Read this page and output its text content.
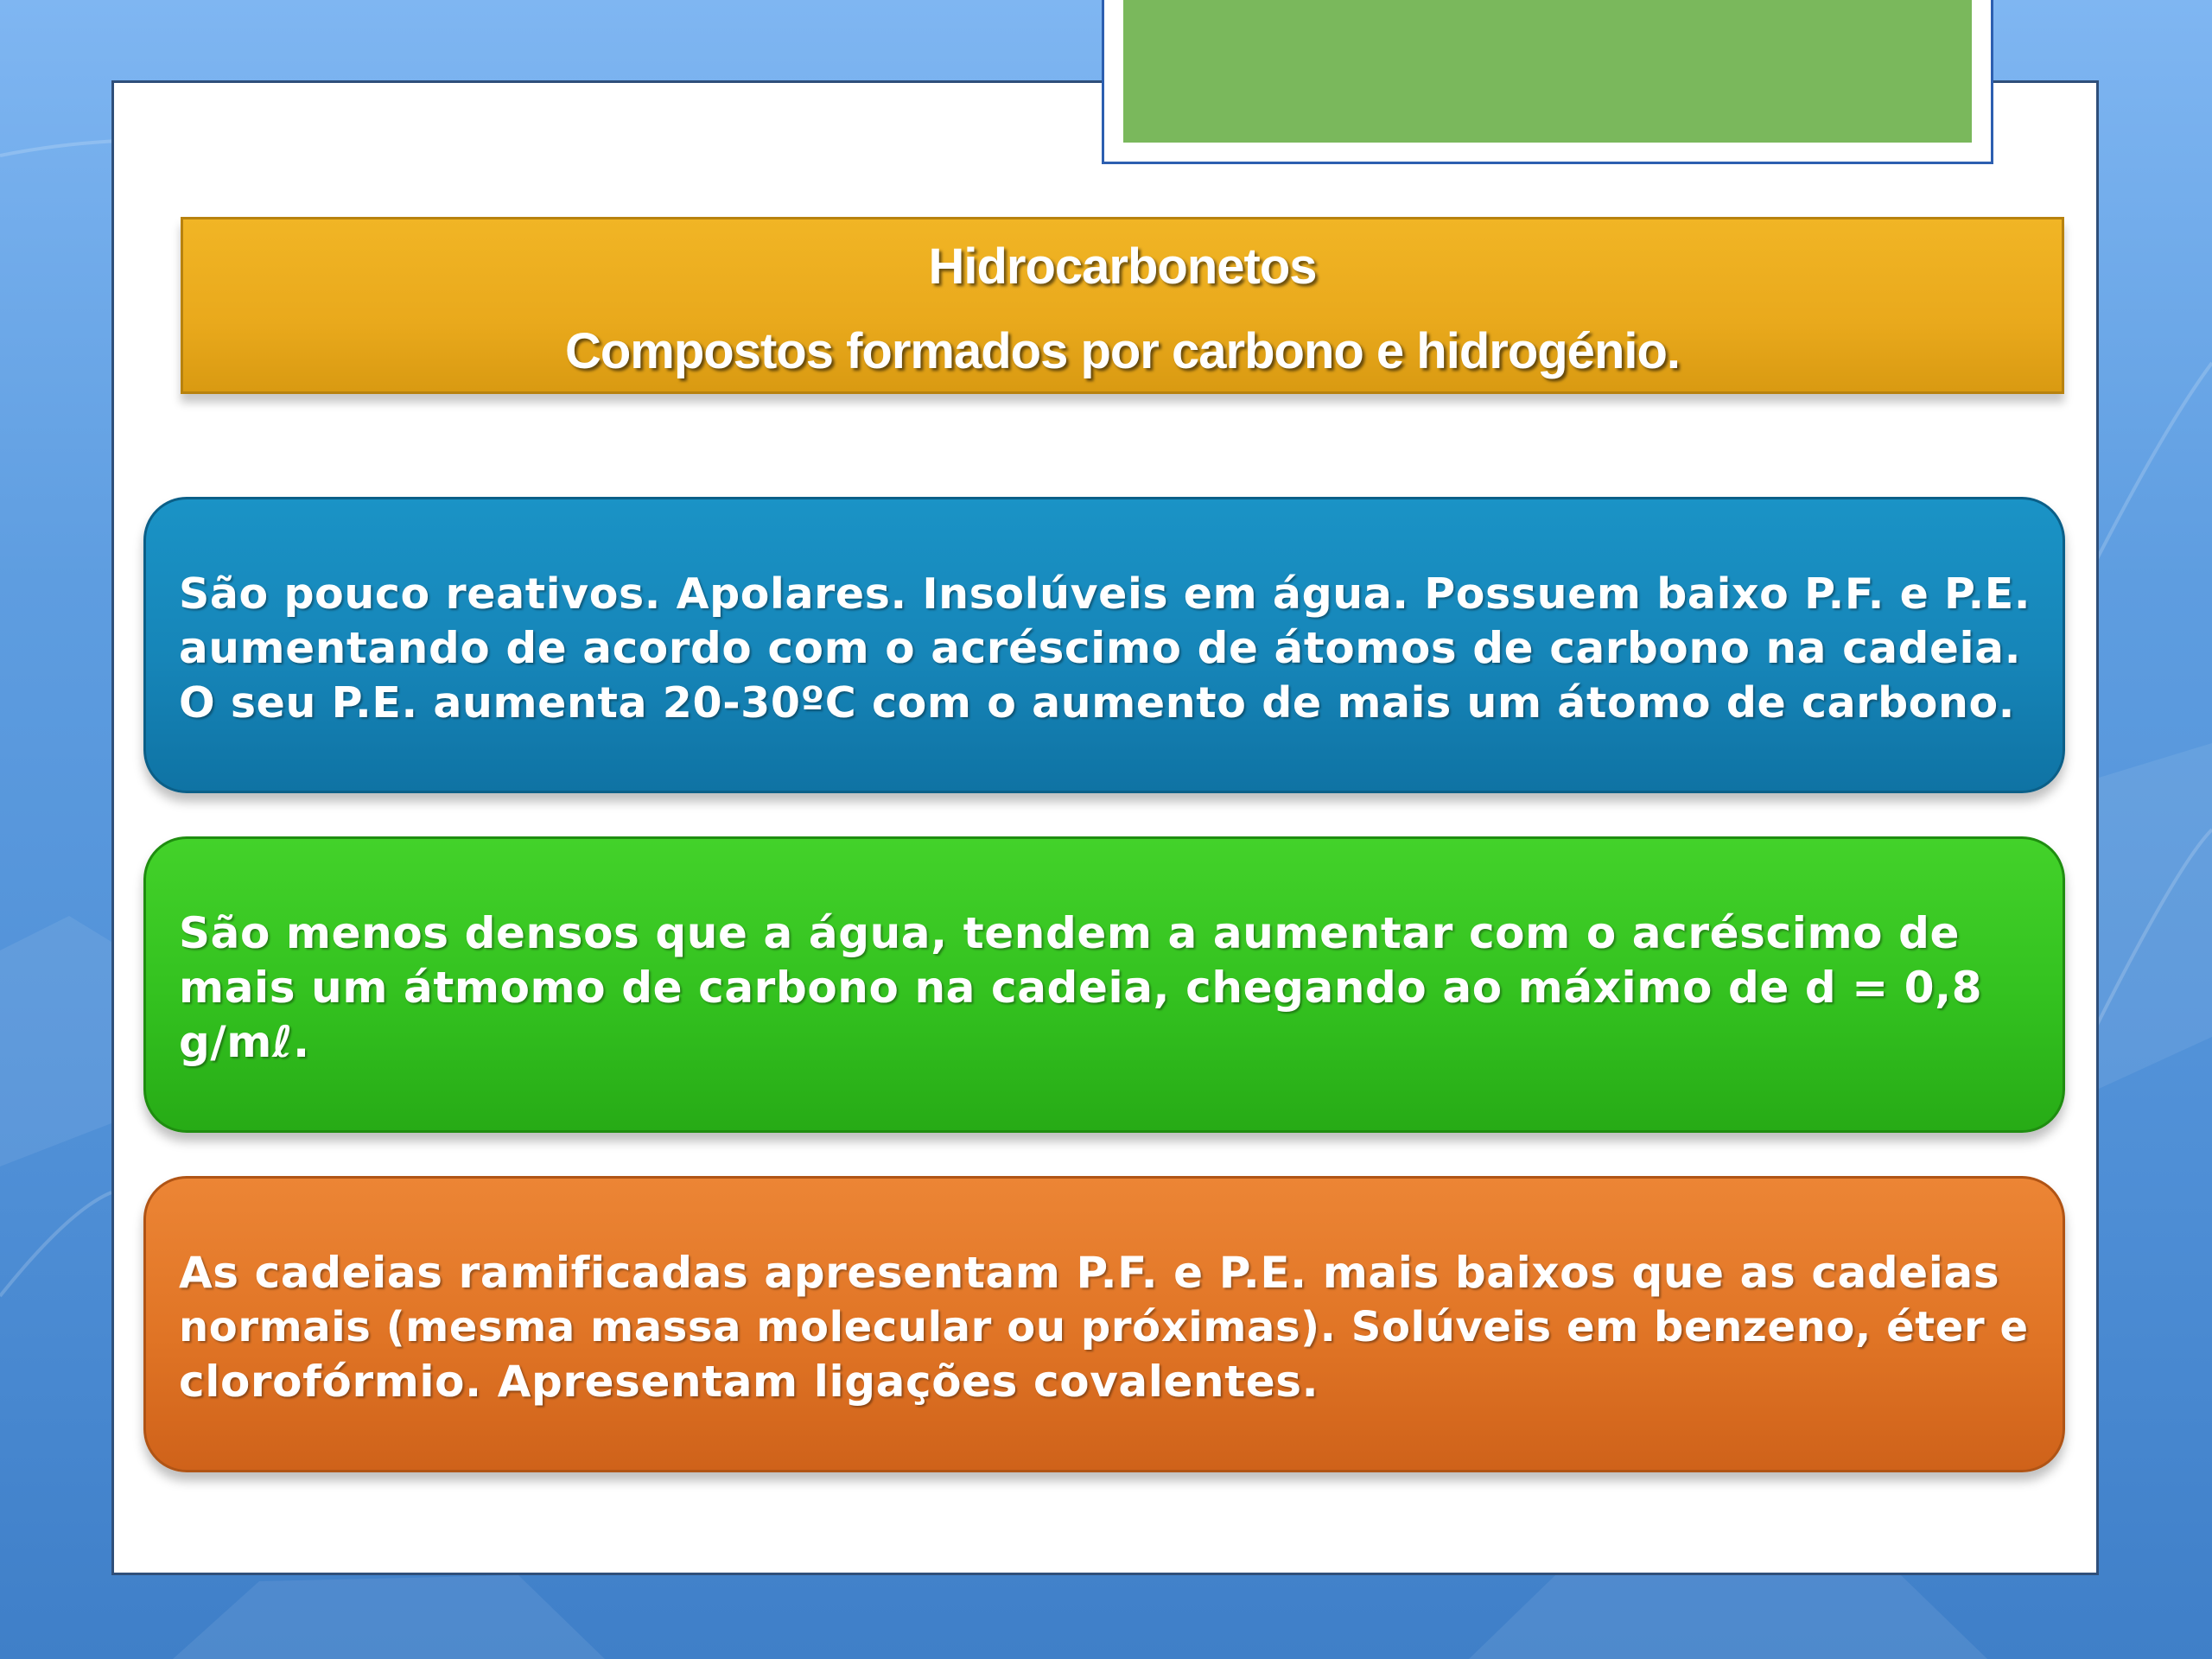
Hidrocarbonetos
Compostos formados por carbono e hidrogénio.
São pouco reativos. Apolares. Insolúveis em água. Possuem baixo P.F. e P.E.
aumentando de acordo com o acréscimo de átomos de carbono na cadeia.
O seu P.E. aumenta 20-30ºC com o aumento de mais um átomo de carbono.
São menos densos que a água, tendem a aumentar com o acréscimo de
mais um átmomo de carbono na cadeia, chegando ao máximo de d = 0,8
g/mℓ.
As cadeias ramificadas apresentam P.F. e P.E. mais baixos que as cadeias
normais (mesma massa molecular ou próximas). Solúveis em benzeno, éter e
clorofórmio. Apresentam ligações covalentes.
